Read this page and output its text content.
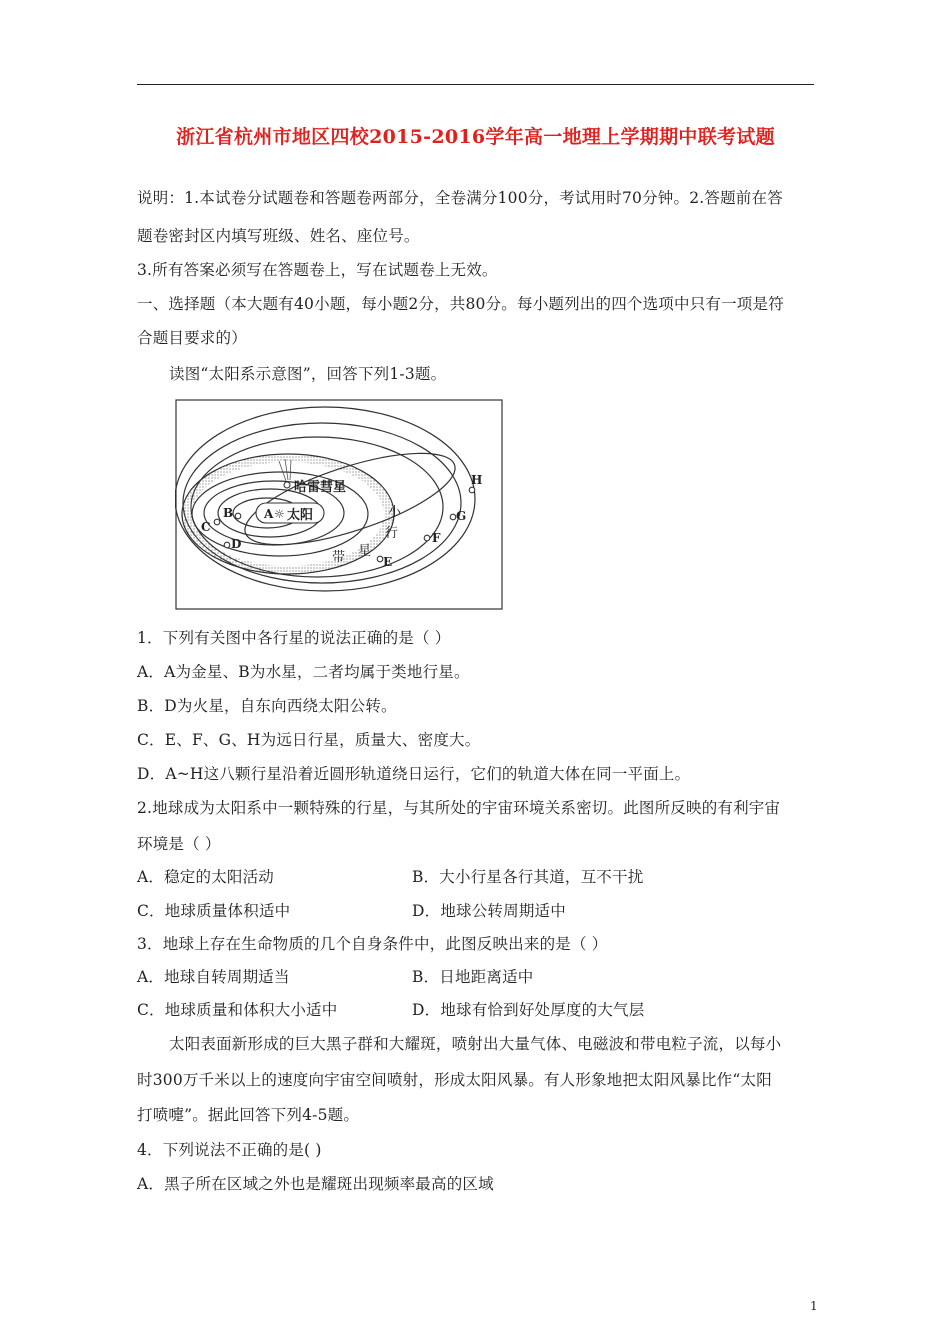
浙江省杭州市地区四校2015-2016学年高一地理上学期期中联考试题
说明：1.本试卷分试题卷和答题卷两部分，全卷满分100分，考试用时70分钟。2.答题前在答
题卷密封区内填写班级、姓名、座位号。
3.所有答案必须写在答题卷上，写在试题卷上无效。
一、选择题（本大题有40小题，每小题2分，共80分。每小题列出的四个选项中只有一项是符
合题目要求的）
读图“太阳系示意图”，回答下列1-3题。
A ☼ 太阳
B
C
D
E
F
G
H
哈雷彗星
小
行
星
带
1．下列有关图中各行星的说法正确的是（ ）
A．A为金星、B为水星，二者均属于类地行星。
B．D为火星，自东向西绕太阳公转。
C．E、F、G、H为远日行星，质量大、密度大。
D．A~H这八颗行星沿着近圆形轨道绕日运行，它们的轨道大体在同一平面上。
2.地球成为太阳系中一颗特殊的行星，与其所处的宇宙环境关系密切。此图所反映的有利宇宙
环境是（ ）
A．稳定的太阳活动	B．大小行星各行其道，互不干扰
C．地球质量体积适中	D．地球公转周期适中
3．地球上存在生命物质的几个自身条件中，此图反映出来的是（ ）
A．地球自转周期适当	B．日地距离适中
C．地球质量和体积大小适中	D．地球有恰到好处厚度的大气层
太阳表面新形成的巨大黑子群和大耀斑，喷射出大量气体、电磁波和带电粒子流，以每小
时300万千米以上的速度向宇宙空间喷射，形成太阳风暴。有人形象地把太阳风暴比作“太阳
打喷嚏”。据此回答下列4-5题。
4．下列说法不正确的是( )
A．黑子所在区域之外也是耀斑出现频率最高的区域
1
